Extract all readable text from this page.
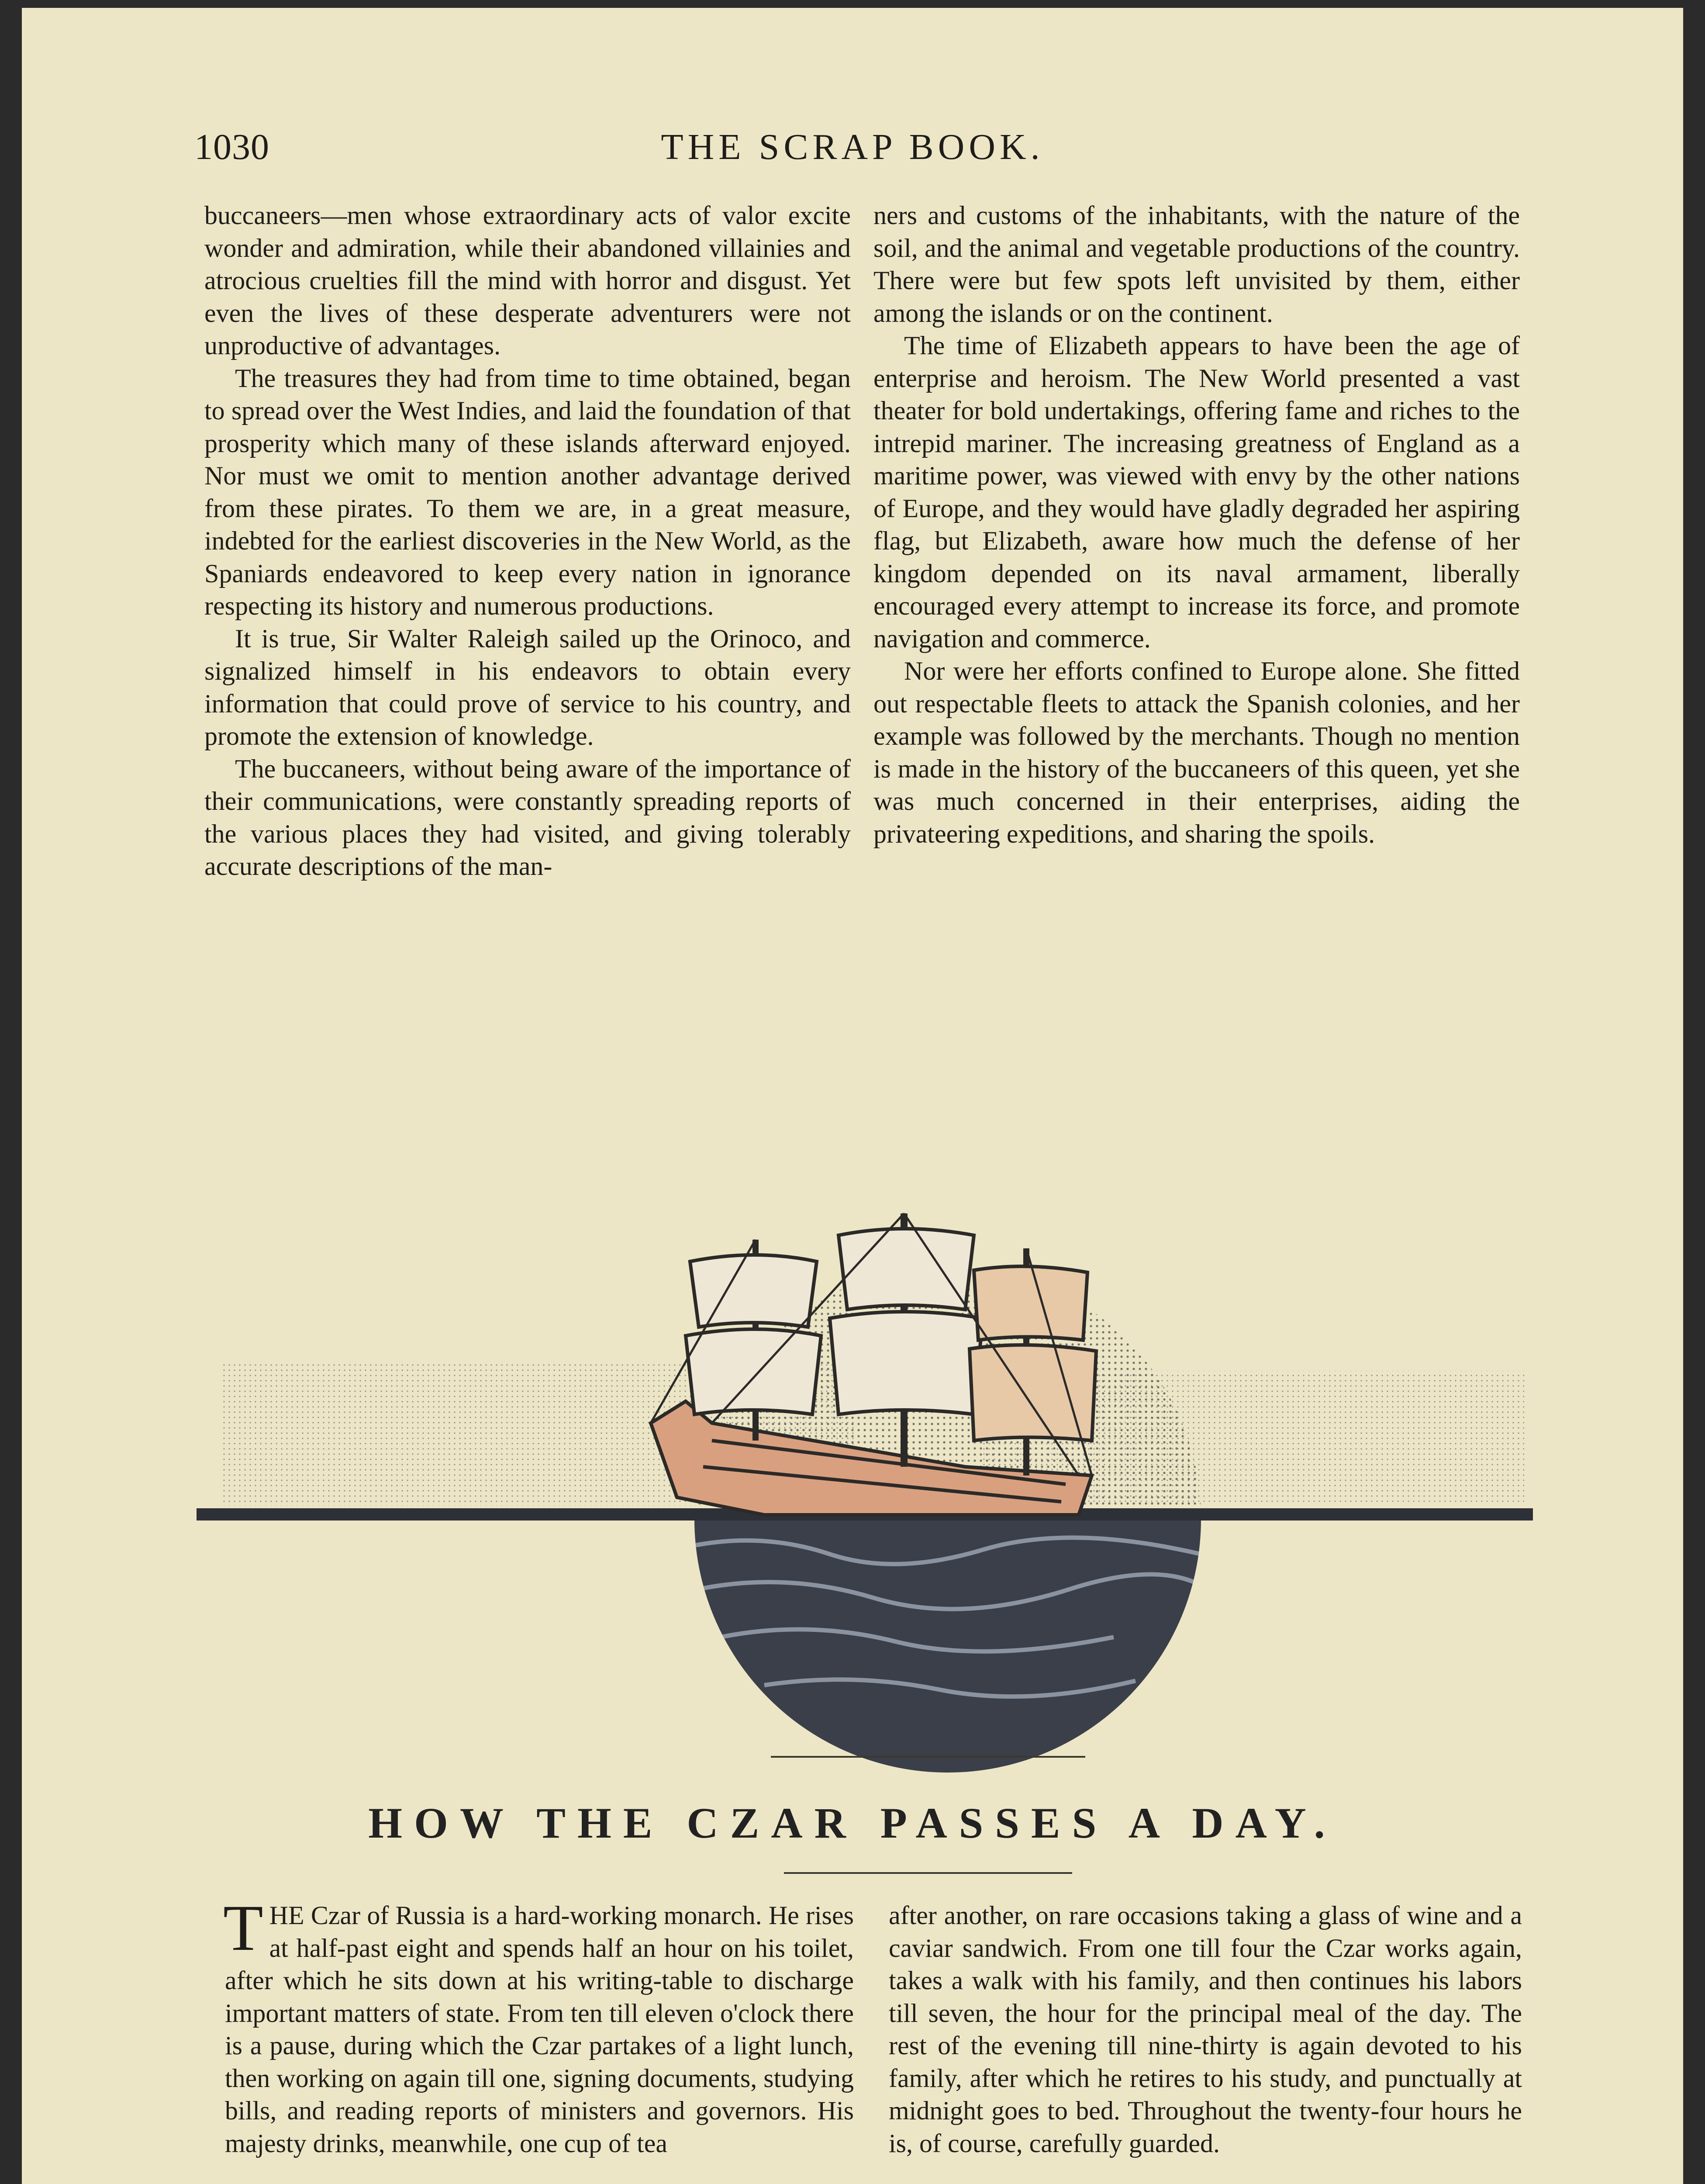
THE SCRAP BOOK.
1030

buccaneers—men whose extraordinary acts of valor excite wonder and admiration, while their abandoned villainies and atrocious cruelties fill the mind with horror and disgust. Yet even the lives of these desperate adventurers were not unproductive of advantages.

The treasures they had from time to time obtained, began to spread over the West Indies, and laid the foundation of that prosperity which many of these islands afterward enjoyed. Nor must we omit to mention another advantage derived from these pirates. To them we are, in a great measure, indebted for the earliest discoveries in the New World, as the Spaniards endeavored to keep every nation in ignorance respecting its history and numerous productions.

It is true, Sir Walter Raleigh sailed up the Orinoco, and signalized himself in his endeavors to obtain every information that could prove of service to his country, and promote the extension of knowledge.

The buccaneers, without being aware of the importance of their communications, were constantly spreading reports of the various places they had visited, and giving tolerably accurate descriptions of the man-

ners and customs of the inhabitants, with the nature of the soil, and the animal and vegetable productions of the country. There were but few spots left unvisited by them, either among the islands or on the continent.

The time of Elizabeth appears to have been the age of enterprise and heroism. The New World presented a vast theater for bold undertakings, offering fame and riches to the intrepid mariner. The increasing greatness of England as a maritime power, was viewed with envy by the other nations of Europe, and they would have gladly degraded her aspiring flag, but Elizabeth, aware how much the defense of her kingdom depended on its naval armament, liberally encouraged every attempt to increase its force, and promote navigation and commerce.

Nor were her efforts confined to Europe alone. She fitted out respectable fleets to attack the Spanish colonies, and her example was followed by the merchants. Though no mention is made in the history of the buccaneers of this queen, yet she was much concerned in their enterprises, aiding the privateering expeditions, and sharing the spoils.

HOW THE CZAR PASSES A DAY.

T HE Czar of Russia is a hard-working monarch. He rises at half-past eight and spends half an hour on his toilet, after which he sits down at his writing-table to discharge important matters of state. From ten till eleven o'clock there is a pause, during which the Czar partakes of a light lunch, then working on again till one, signing documents, studying bills, and reading reports of ministers and governors. His majesty drinks, meanwhile, one cup of tea

after another, on rare occasions taking a glass of wine and a caviar sandwich. From one till four the Czar works again, takes a walk with his family, and then continues his labors till seven, the hour for the principal meal of the day. The rest of the evening till nine-thirty is again devoted to his family, after which he retires to his study, and punctually at midnight goes to bed. Throughout the twenty-four hours he is, of course, carefully guarded.
